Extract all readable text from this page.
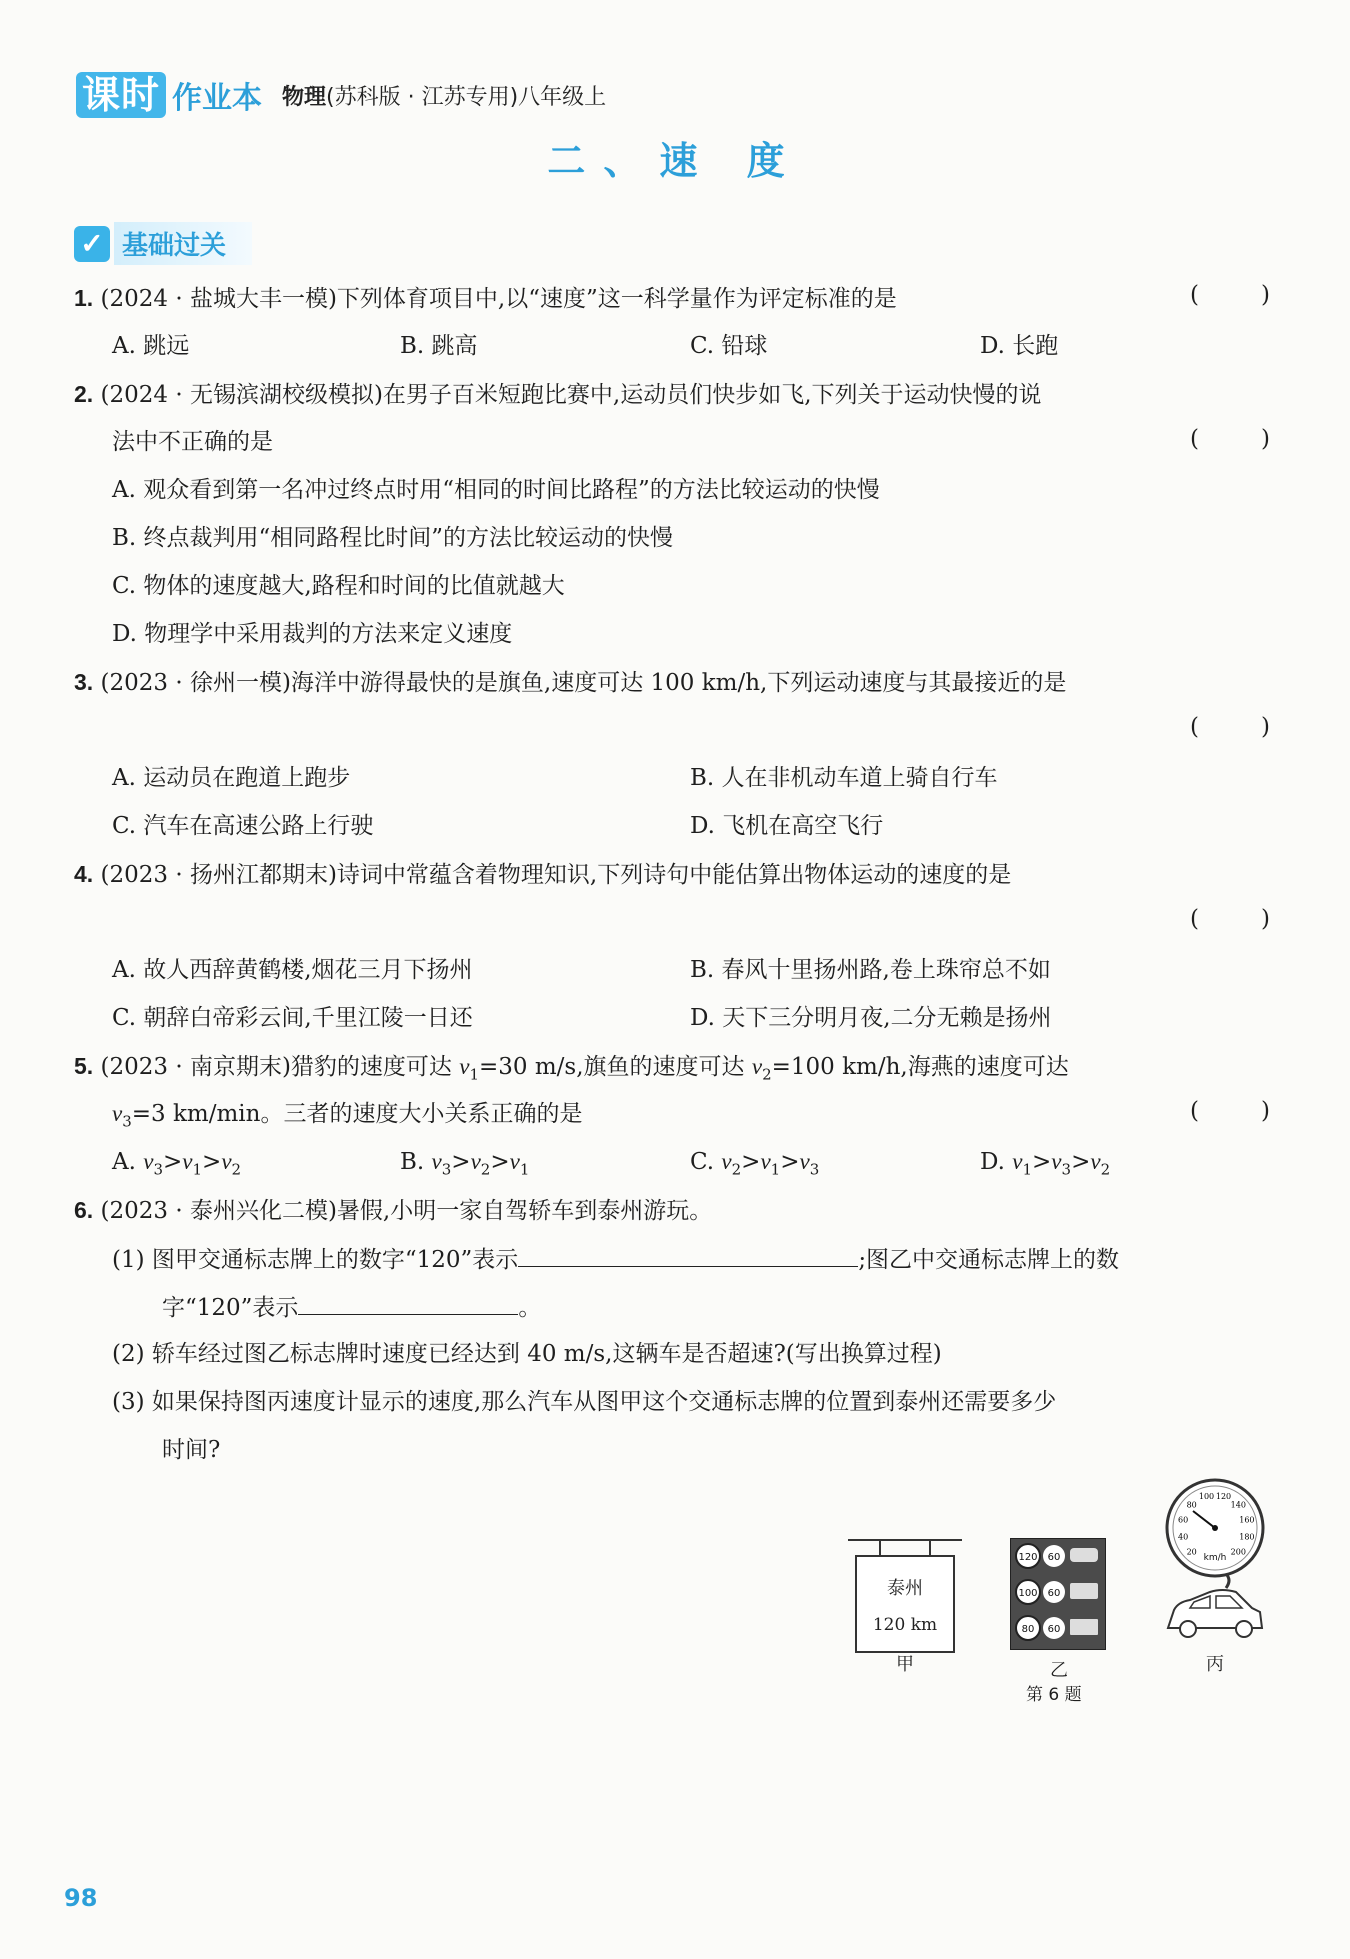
课时 作业本 物理(苏科版 · 江苏专用)八年级上
二、速 度
✓ 基础过关
1. (2024 · 盐城大丰一模)下列体育项目中,以“速度”这一科学量作为评定标准的是	(	)
A. 跳远	B. 跳高	C. 铅球	D. 长跑
2. (2024 · 无锡滨湖校级模拟)在男子百米短跑比赛中,运动员们快步如飞,下列关于运动快慢的说
法中不正确的是	(	)
A. 观众看到第一名冲过终点时用“相同的时间比路程”的方法比较运动的快慢
B. 终点裁判用“相同路程比时间”的方法比较运动的快慢
C. 物体的速度越大,路程和时间的比值就越大
D. 物理学中采用裁判的方法来定义速度
3. (2023 · 徐州一模)海洋中游得最快的是旗鱼,速度可达 100 km/h,下列运动速度与其最接近的是
(	)
A. 运动员在跑道上跑步	B. 人在非机动车道上骑自行车
C. 汽车在高速公路上行驶	D. 飞机在高空飞行
4. (2023 · 扬州江都期末)诗词中常蕴含着物理知识,下列诗句中能估算出物体运动的速度的是
(	)
A. 故人西辞黄鹤楼,烟花三月下扬州	B. 春风十里扬州路,卷上珠帘总不如
C. 朝辞白帝彩云间,千里江陵一日还	D. 天下三分明月夜,二分无赖是扬州
5. (2023 · 南京期末)猎豹的速度可达 $v_1=30$ m/s,旗鱼的速度可达 $v_2=100$ km/h,海燕的速度可达
$v_3=3$ km/min。三者的速度大小关系正确的是	(	)
A. $v_3>v_1>v_2$	B. $v_3>v_2>v_1$	C. $v_2>v_1>v_3$	D. $v_1>v_3>v_2$
6. (2023 · 泰州兴化二模)暑假,小明一家自驾轿车到泰州游玩。
(1) 图甲交通标志牌上的数字“120”表示	;图乙中交通标志牌上的数
字“120”表示	。
(2) 轿车经过图乙标志牌时速度已经达到 40 m/s,这辆车是否超速?(写出换算过程)
(3) 如果保持图丙速度计显示的速度,那么汽车从图甲这个交通标志牌的位置到泰州还需要多少
时间?
泰州
120 km
甲
120 60
100 60
80 60
乙
第 6 题
20
40
60
80
100 120
140
160
180
200
km/h
丙
98
